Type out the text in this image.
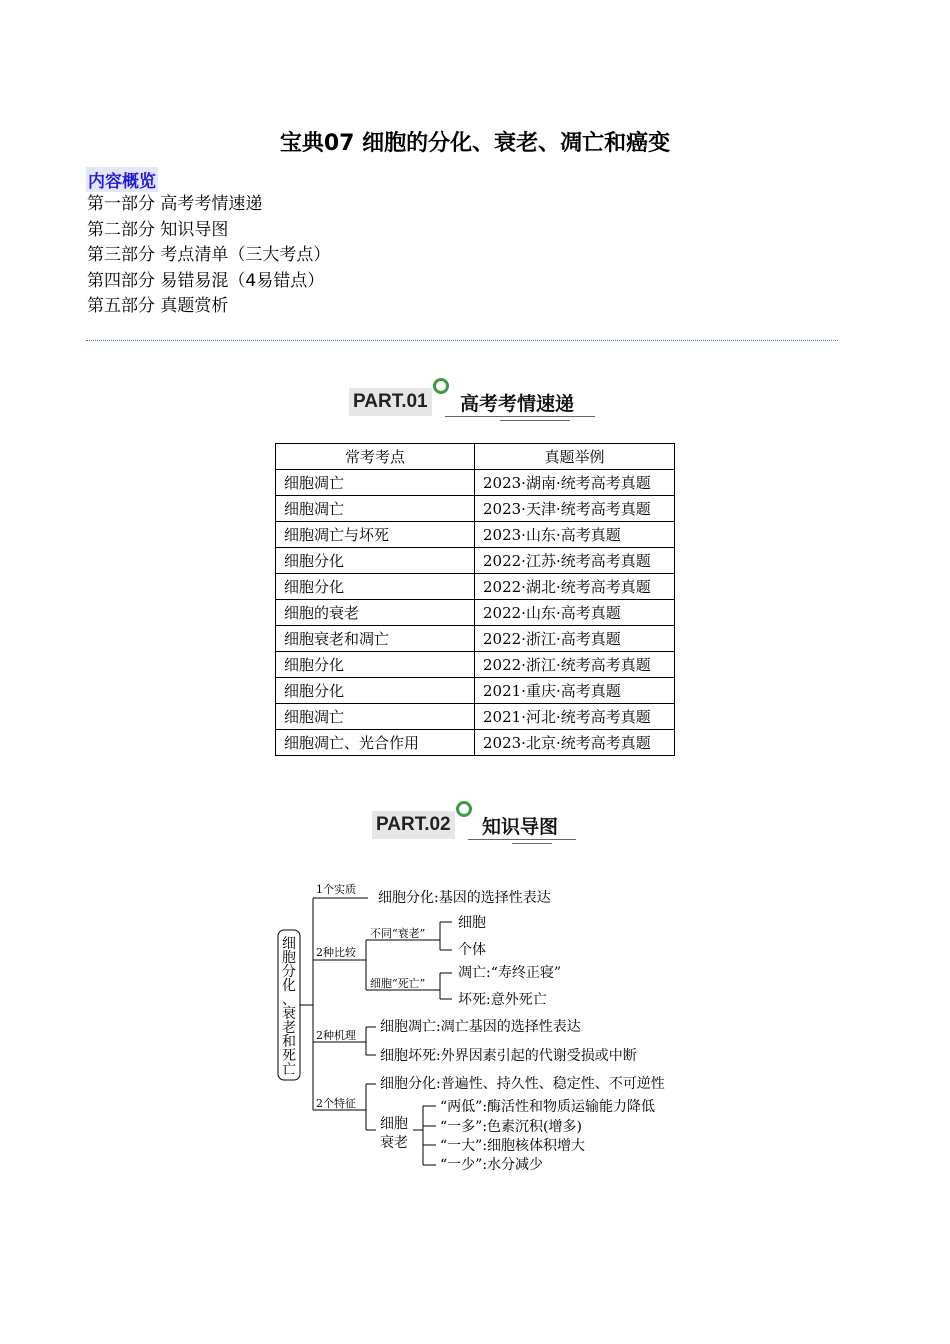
宝典07 细胞的分化、衰老、凋亡和癌变
内容概览
第一部分 高考考情速递
第二部分 知识导图
第三部分 考点清单（三大考点）
第四部分 易错易混（4易错点）
第五部分 真题赏析
PART.01 高考考情速递
常考考点	真题举例
细胞凋亡	2023·湖南·统考高考真题
细胞凋亡	2023·天津·统考高考真题
细胞凋亡与坏死	2023·山东·高考真题
细胞分化	2022·江苏·统考高考真题
细胞分化	2022·湖北·统考高考真题
细胞的衰老	2022·山东·高考真题
细胞衰老和凋亡	2022·浙江·高考真题
细胞分化	2022·浙江·统考高考真题
细胞分化	2021·重庆·高考真题
细胞凋亡	2021·河北·统考高考真题
细胞凋亡、光合作用	2023·北京·统考高考真题
PART.02 知识导图
细胞分化、衰老和死亡
1个实质
细胞分化:基因的选择性表达
2种比较
不同“衰老”
细胞
个体
细胞“死亡”
凋亡:“寿终正寝”
坏死:意外死亡
2种机理
细胞凋亡:凋亡基因的选择性表达
细胞坏死:外界因素引起的代谢受损或中断
2个特征
细胞分化:普遍性、持久性、稳定性、不可逆性
细胞
衰老
“两低”:酶活性和物质运输能力降低
“一多”:色素沉积(增多)
“一大”:细胞核体积增大
“一少”:水分减少
